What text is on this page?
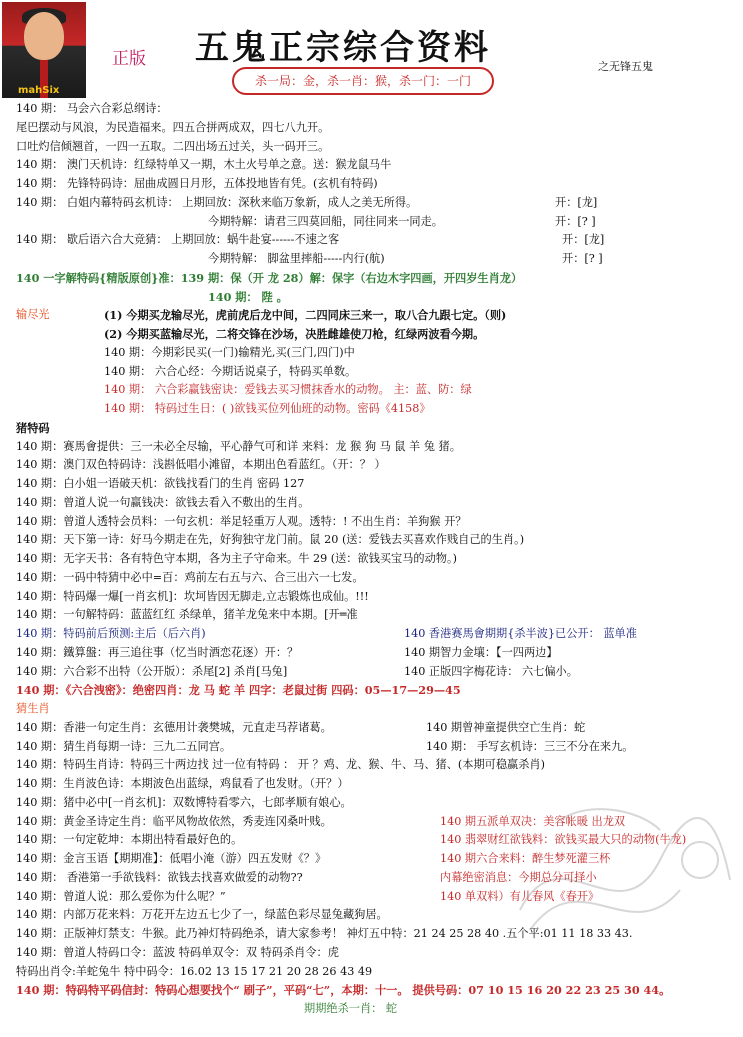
mahSix
正版 五鬼正宗综合资料
杀一局：金，杀一肖：猴，杀一门：一门
之无锋五鬼
140 期： 马会六合彩总纲诗：
尾巴摆动与风浪，为民造福来。四五合拼两成双，四七八九开。
口吐灼信倾翘首，一四一五取。二四出场五过关，头一码开三。
140 期： 澳门天机诗：红绿特单又一期，木土火号单之意。送：猴龙鼠马牛
140 期： 先锋特码诗：屈曲成圆日月形，五体投地皆有凭。(玄机有特码)
140 期： 白姐内幕特码玄机诗： 上期回放：深秋来临万象新，成人之美无所得。	开：[龙]
今期特解：请君三四莫回船，同往同来一同走。	开：[? ]
140 期： 歇后语六合大竞猜： 上期回放：蜗牛赴宴------不速之客	开：[龙]
今期特解： 脚盆里摔船-----内行(航)	开：[? ]
140 一字解特码{精版原创}准：139 期：保（开 龙 28）解：保字（右边木字四画，开四岁生肖龙）
140 期： 陛 。
输尽光	(1) 今期买龙输尽光，虎前虎后龙中间，二四同床三来一，取八合九跟七定。（则)
(2) 今期买蓝输尽光，二将交锋在沙场，决胜雌雄使刀枪，红绿两波看今期。
140 期：今期彩民买(一门)输精光,买(三门,四门)中
140 期： 六合心经：今期话说桌子，特码买单数。
140 期： 六合彩赢钱密诀：爱钱去买习惯抹香水的动物。 主：蓝、防：绿
140 期： 特码过生日：( )欲钱买位列仙班的动物。密码《4158》
猪特码
140 期：赛馬會提供：三一未必全尽输，平心静气可和详 来料：龙 猴 狗 马 鼠 羊 兔 猪。
140 期：澳门双色特码诗：浅斟低唱小滩留，本期出色看蓝红。（开：？ ）
140 期：白小姐一语破天机：欲钱找看门的生肖 密码 127
140 期：曾道人说一句赢钱决：欲钱去看入不敷出的生肖。
140 期：曾道人透特会员料：一句玄机：举足轻重万人观。透特：! 不出生肖：羊狗猴 开？
140 期：天下第一诗：好马今期走在先，好狗独守龙门前。鼠 20 (送：爱钱去买喜欢作贱自己的生肖。)
140 期：无字天书：各有特色守本期，各为主子守命来。牛 29 (送：欲钱买宝马的动物。)
140 期：一码中特猜中必中=百：鸡前左右五与六、合三出六一七发。
140 期：特码爆一爆[一肖玄机]：坎坷皆因无脚走,立志锻炼也成仙。!!!
140 期：一句解特码：蓝蓝红红 杀绿单，猪羊龙兔来中本期。[开═准
140 期：特码前后预测:主后（后六肖)	140 香港赛馬會期期{杀半波}已公开： 蓝单准
140 期：鐵算盤：再三追往事（忆当时酒恋花逐）开：？	140 期智力金壤：【一四两边】
140 期：六合彩不出特（公开版）：杀尾[2] 杀肖[马兔]	140 正版四字梅花诗： 六七偏小。
140 期：《六合洩密》：绝密四肖：龙 马 蛇 羊 四字：老鼠过街 四码：05—17—29—45
猜生肖
140 期：香港一句定生肖：玄德用计袭樊城，元直走马荐诸葛。	140 期曾神童提供空亡生肖：蛇
140 期：猜生肖每期一诗：三九二五同宫。	140 期： 手写玄机诗：三三不分在来九。
140 期：特码生肖诗：特码三十两边找 过一位有特码 ： 开 ？鸡、龙、猴、牛、马、猪、(本期可稳赢杀肖)
140 期：生肖波色诗：本期波色出蓝绿，鸡鼠看了也发财。（开？）
140 期：猪中必中[一肖玄机]：双数博特看零六，七郎孝顺有娘心。
140 期：黄金圣诗定生肖：临平风物故依然，秀麦连冈桑叶贱。	140 期五派单双决：美容帐暖 出龙双
140 期：一句定乾坤：本期出特看最好色的。	140 翡翠财红欲钱料：欲钱买最大只的动物(牛龙)
140 期：金言玉语【期期准】：低唱小淹（游）四五发财《？》	140 期六合来料：醉生梦死灌三杯
140 期： 香港第一手欲钱料：欲钱去找喜欢做爱的动物??	内幕绝密消息：今期总分可择小
140 期：曾道人说：那么爱你为什么呢？”	140 单双料）有儿春风《春开》
140 期：内部万花来料：万花开左边五七少了一，绿蓝色彩尽显兔藏狗居。
140 期：正版神灯禁支：牛猴。此乃神灯特码绝杀，请大家参考！ 神灯五中特：21 24 25 28 40 .五个平:01 11 18 33 43.
140 期：曾道人特码口令：蓝波 特码单双令：双 特码杀肖令：虎
特码出肖令:羊蛇兔牛 特中码令：16.02 13 15 17 21 20 28 26 43 49
140 期：特码特平码信封：特码心想要找个“ 刷子”，平码“七”，本期：十一。 提供号码：07 10 15 16 20 22 23 25 30 44。
期期绝杀一肖： 蛇
